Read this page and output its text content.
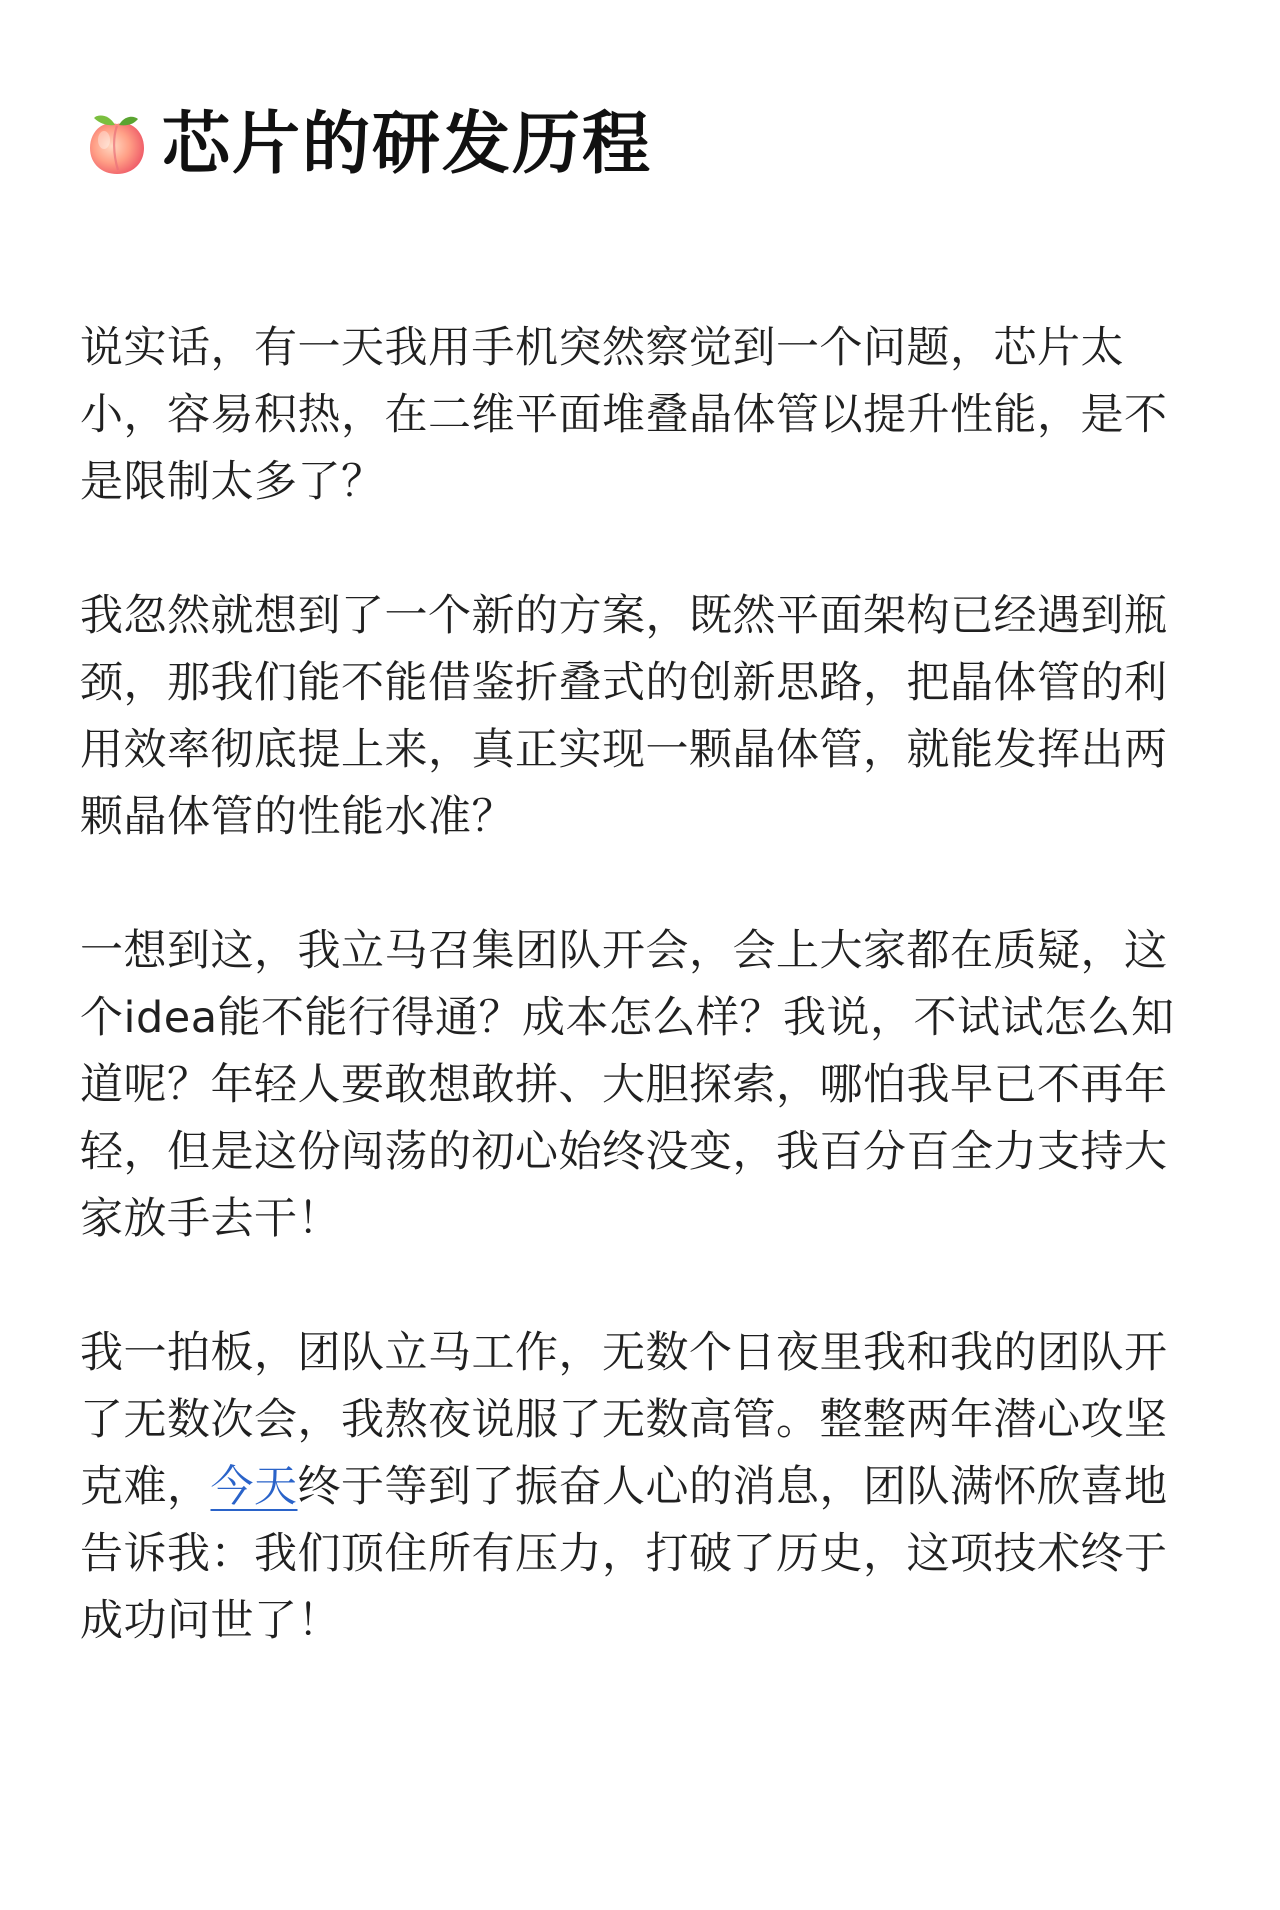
芯片的研发历程

说实话，有一天我用手机突然察觉到一个问题，芯片太小，容易积热，在二维平面堆叠晶体管以提升性能，是不是限制太多了？

我忽然就想到了一个新的方案，既然平面架构已经遇到瓶颈，那我们能不能借鉴折叠式的创新思路，把晶体管的利用效率彻底提上来，真正实现一颗晶体管，就能发挥出两颗晶体管的性能水准？

一想到这，我立马召集团队开会，会上大家都在质疑，这个idea能不能行得通？成本怎么样？我说，不试试怎么知道呢？年轻人要敢想敢拼、大胆探索，哪怕我早已不再年轻，但是这份闯荡的初心始终没变，我百分百全力支持大家放手去干！

我一拍板，团队立马工作，无数个日夜里我和我的团队开了无数次会，我熬夜说服了无数高管。整整两年潜心攻坚克难，今天终于等到了振奋人心的消息，团队满怀欣喜地告诉我：我们顶住所有压力，打破了历史，这项技术终于成功问世了！
